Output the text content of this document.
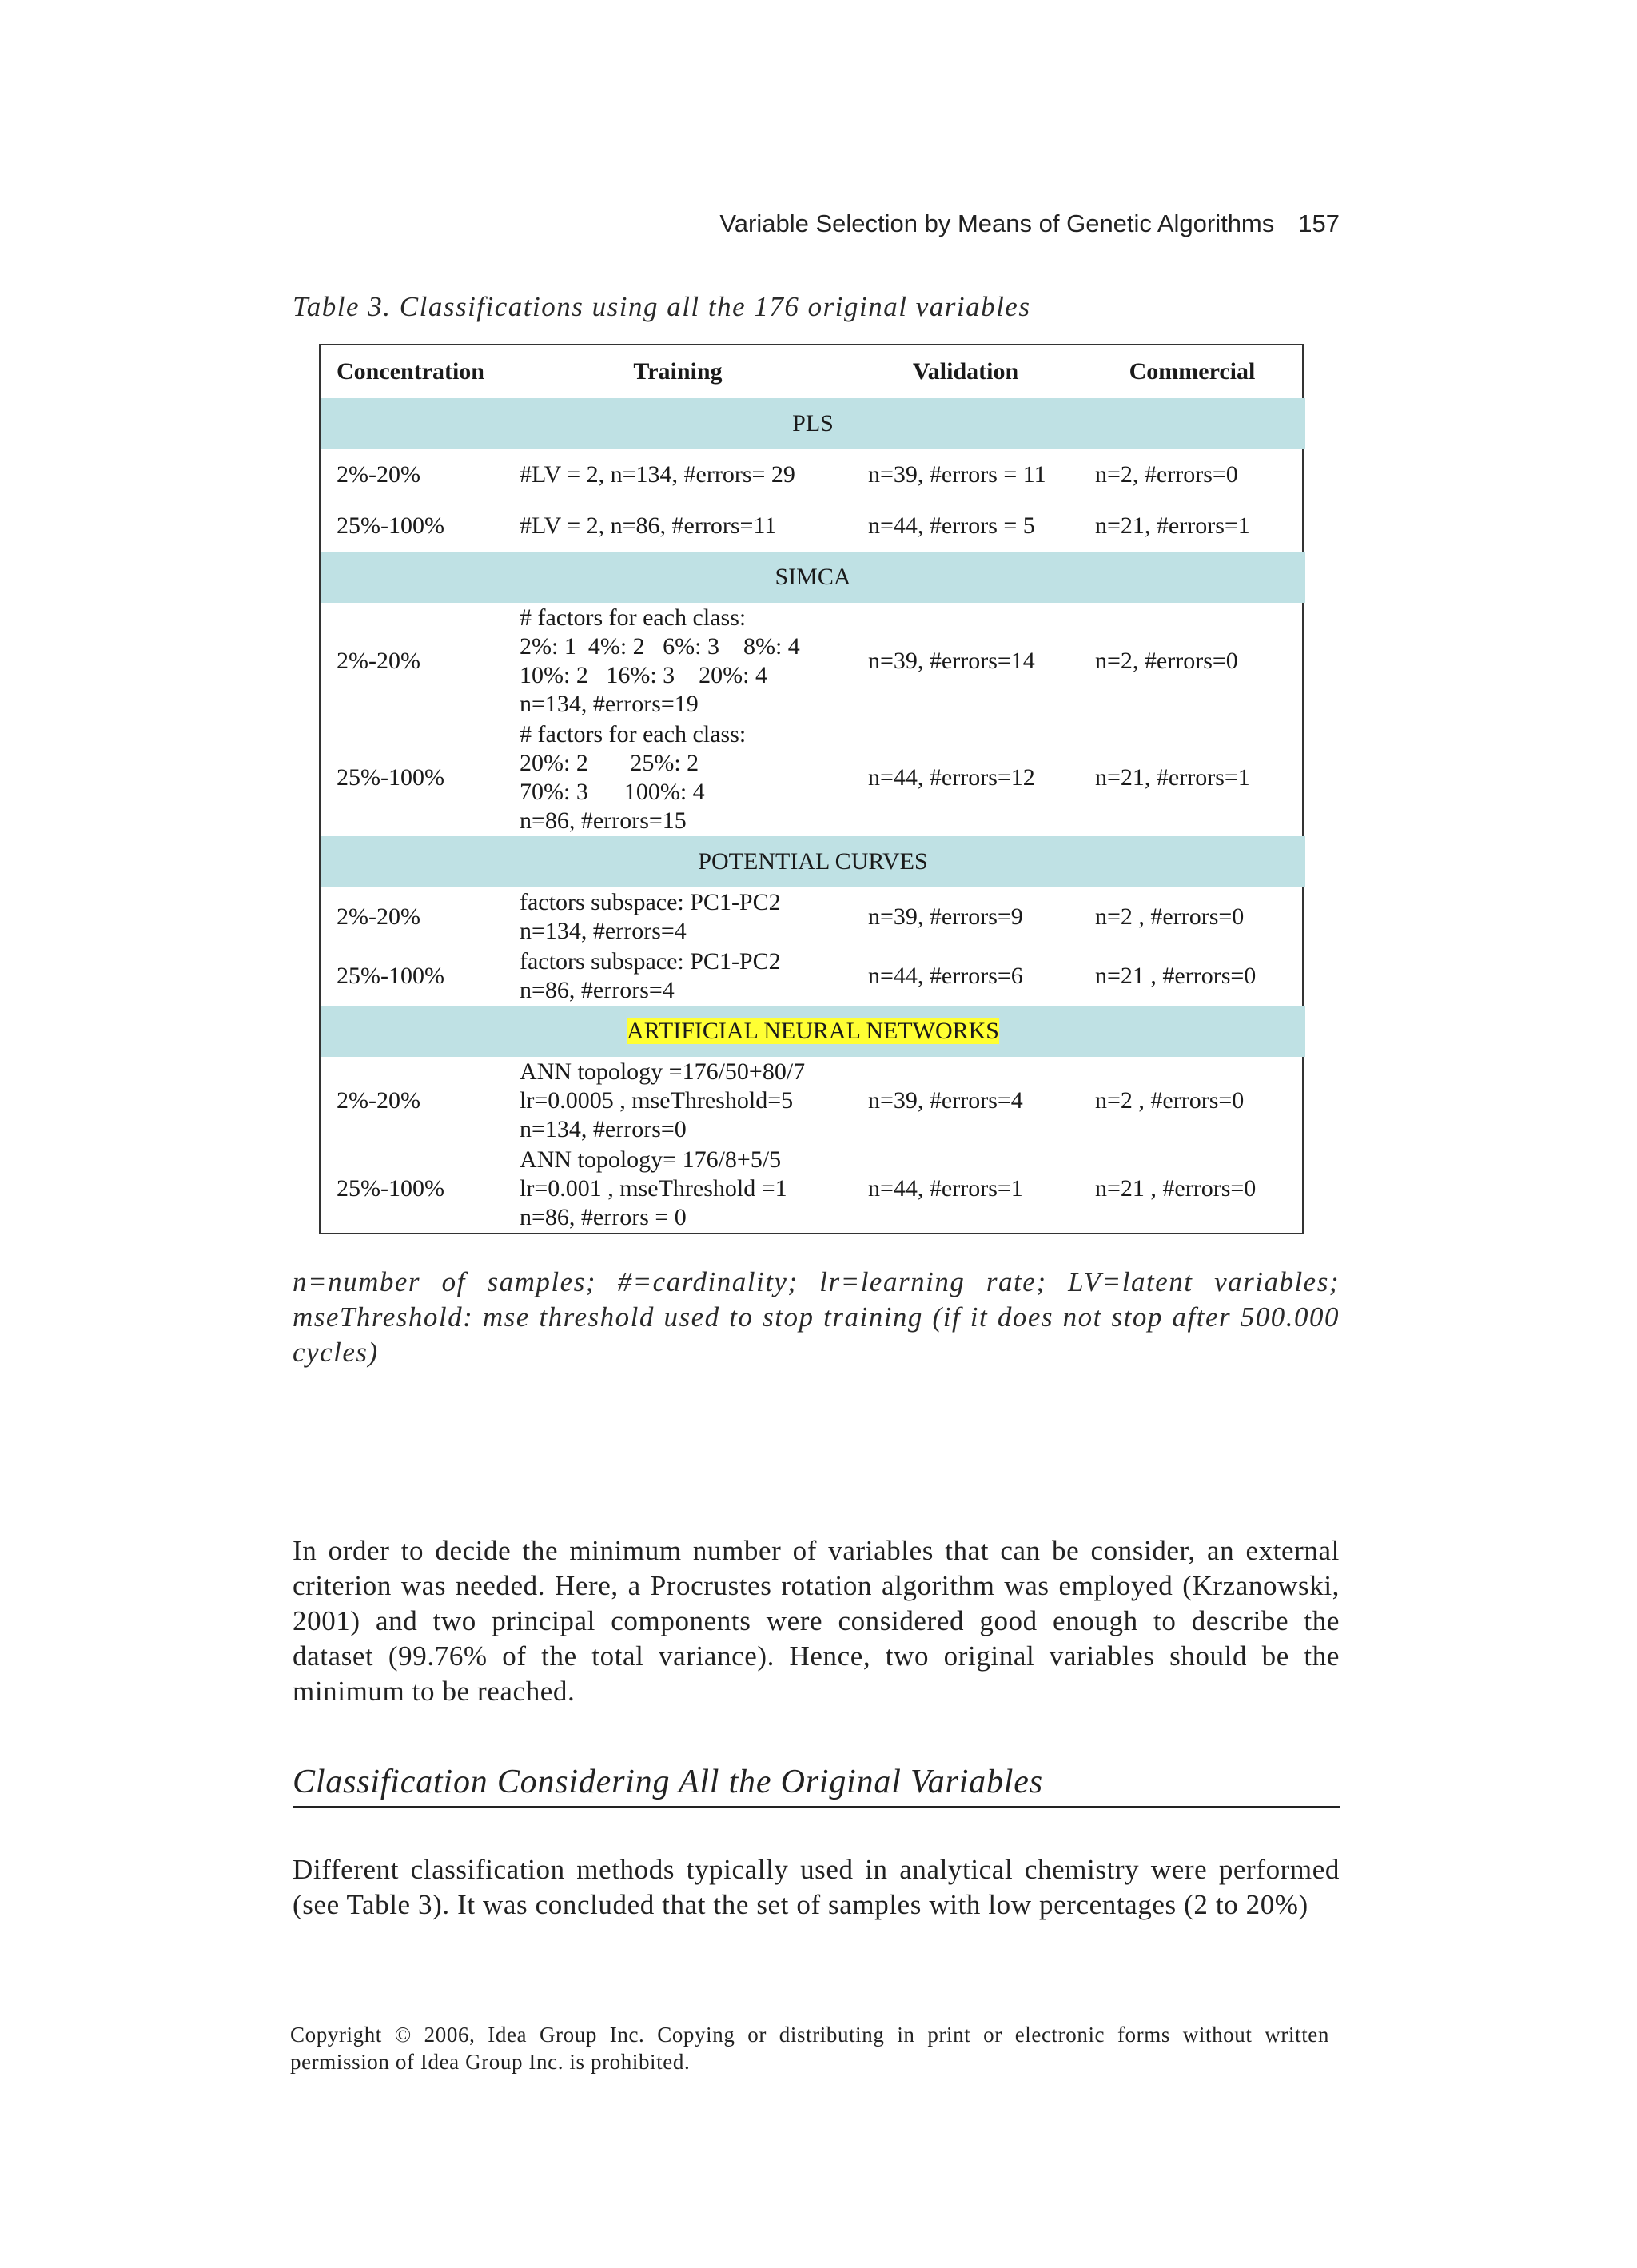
Variable Selection by Means of Genetic Algorithms 157
Table 3. Classifications using all the 176 original variables
Concentration	Training	Validation	Commercial
PLS			
2%-20%	#LV = 2, n=134, #errors= 29	n=39, #errors = 11	n=2, #errors=0
25%-100%	#LV = 2, n=86, #errors=11	n=44, #errors = 5	n=21, #errors=1
SIMCA			
2%-20%	# factors for each class:
2%: 1  4%: 2   6%: 3    8%: 4
10%: 2   16%: 3    20%: 4
n=134, #errors=19	n=39, #errors=14	n=2, #errors=0
25%-100%	# factors for each class:
20%: 2       25%: 2
70%: 3      100%: 4
n=86, #errors=15	n=44, #errors=12	n=21, #errors=1
POTENTIAL CURVES			
2%-20%	factors subspace: PC1-PC2
n=134, #errors=4	n=39, #errors=9	n=2 , #errors=0
25%-100%	factors subspace: PC1-PC2
n=86, #errors=4	n=44, #errors=6	n=21 , #errors=0
ARTIFICIAL NEURAL NETWORKS			
2%-20%	ANN topology =176/50+80/7
lr=0.0005 , mseThreshold=5
n=134, #errors=0	n=39, #errors=4	n=2 , #errors=0
25%-100%	ANN topology= 176/8+5/5
lr=0.001 , mseThreshold =1
n=86, #errors = 0	n=44, #errors=1	n=21 , #errors=0
n=number of samples; #=cardinality; lr=learning rate; LV=latent variables; mseThreshold: mse threshold used to stop training (if it does not stop after 500.000 cycles)
In order to decide the minimum number of variables that can be consider, an external criterion was needed. Here, a Procrustes rotation algorithm was employed (Krzanowski, 2001) and two principal components were considered good enough to describe the dataset (99.76% of the total variance). Hence, two original variables should be the minimum to be reached.
Classification Considering All the Original Variables
Different classification methods typically used in analytical chemistry were performed (see Table 3). It was concluded that the set of samples with low percentages (2 to 20%)
Copyright © 2006, Idea Group Inc. Copying or distributing in print or electronic forms without written permission of Idea Group Inc. is prohibited.
